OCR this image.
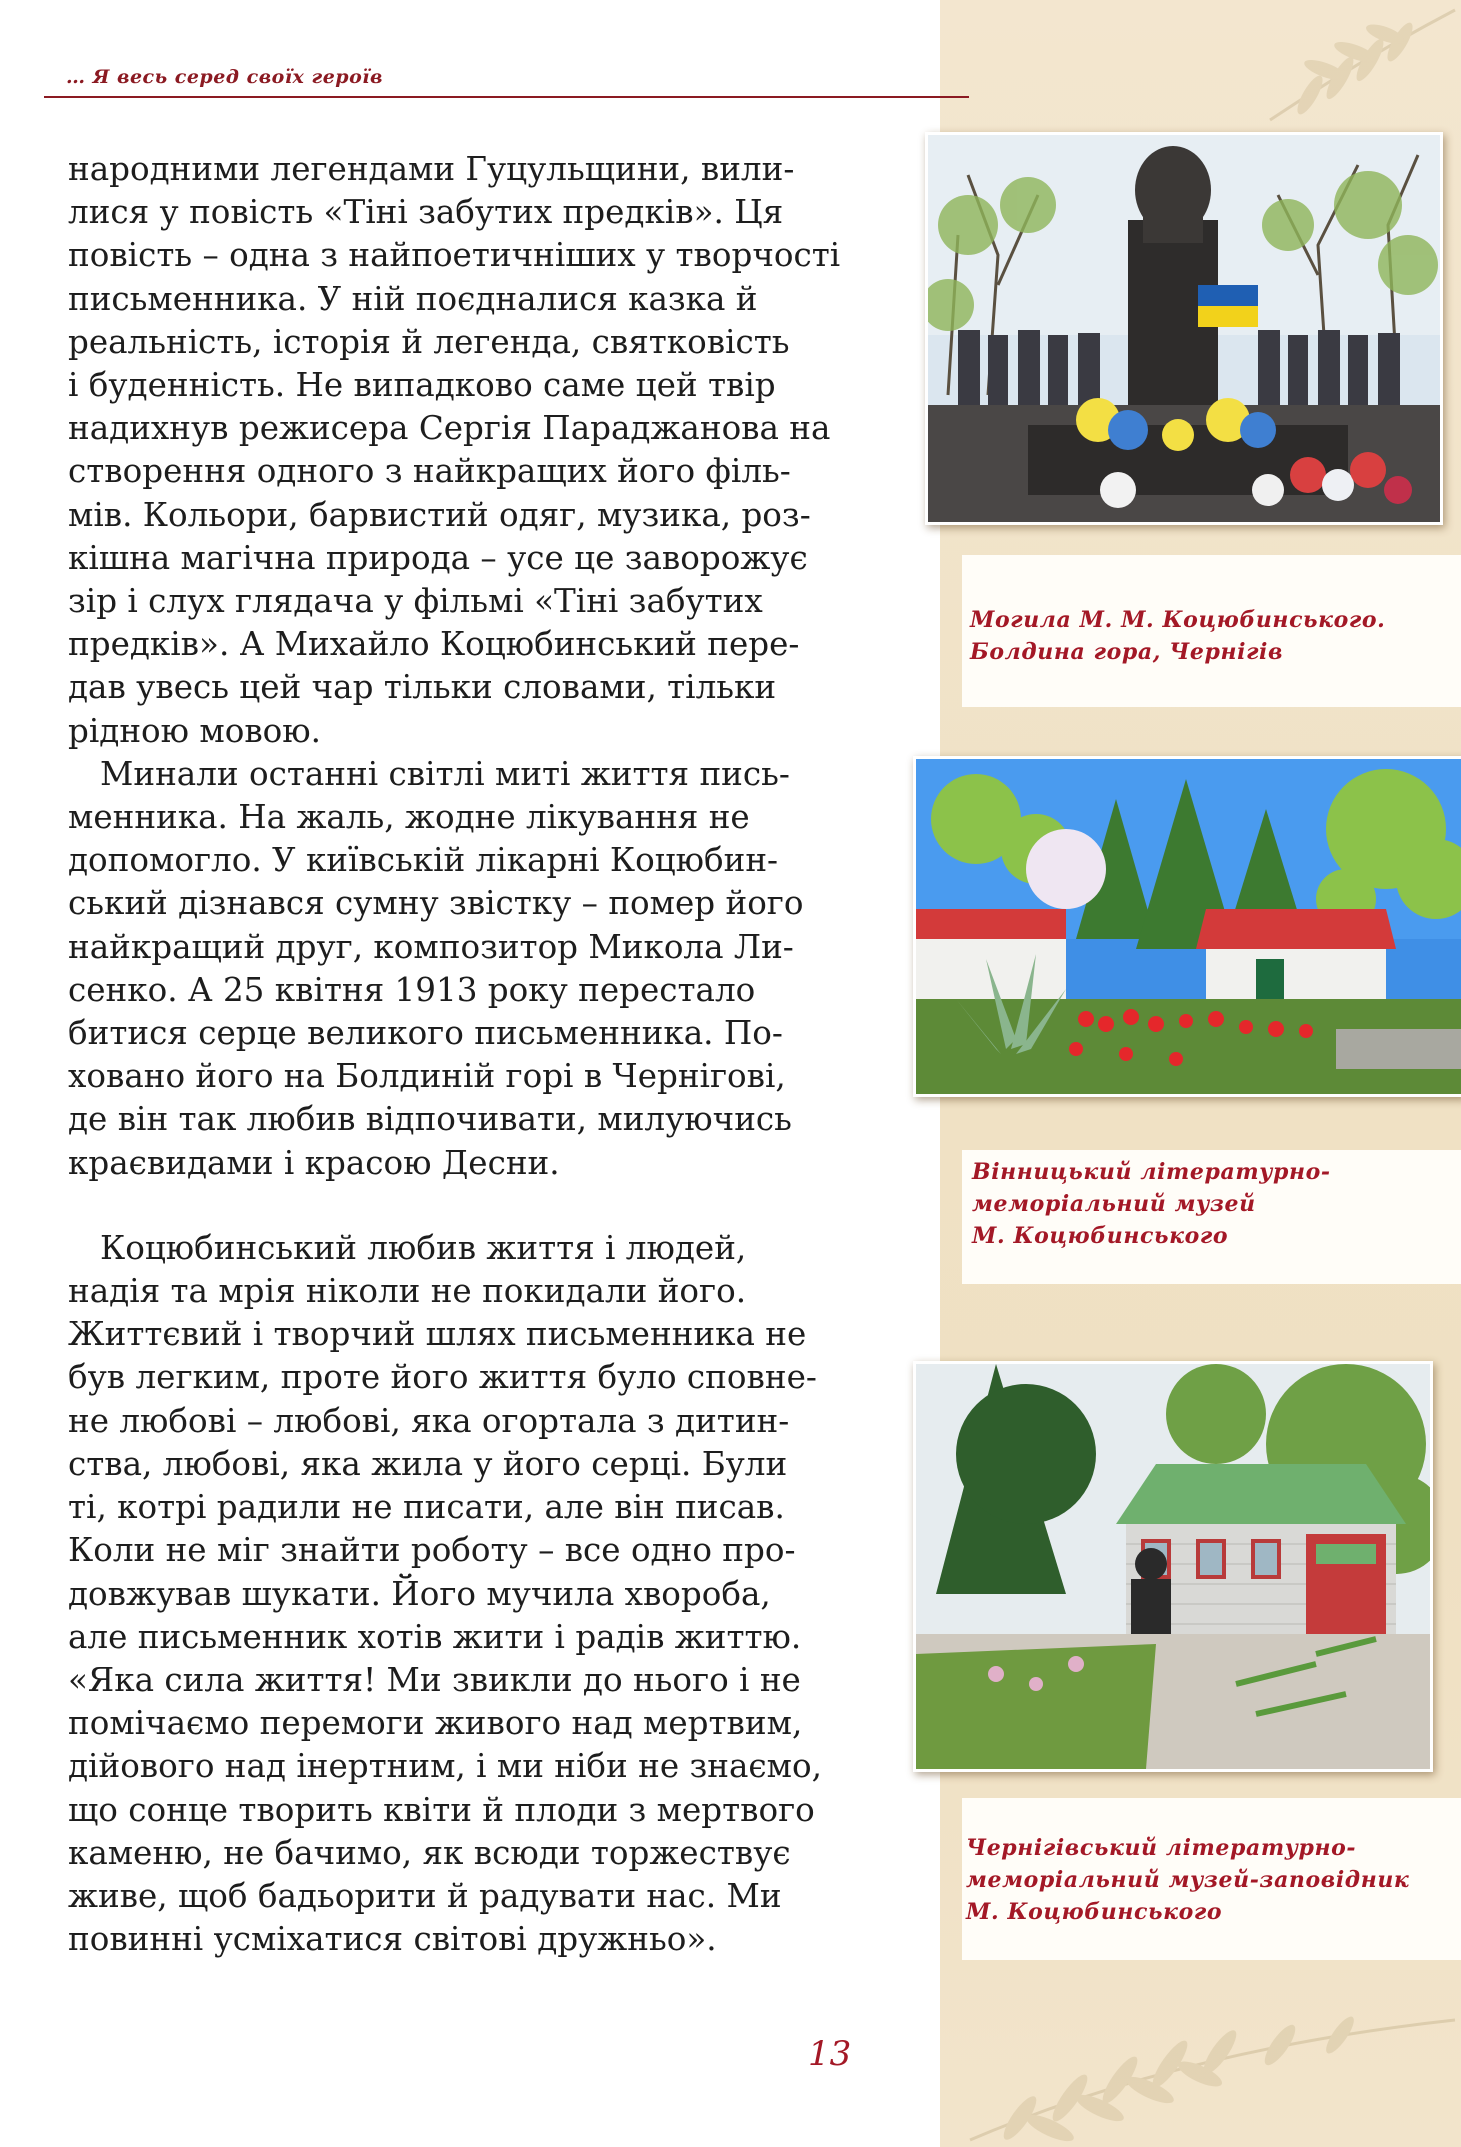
… Я весь серед своїх героїв

народними легендами Гуцульщини, вили-

лися у повість «Тіні забутих предків». Ця

повість – одна з найпоетичніших у творчості

письменника. У ній поєдналися казка й

реальність, історія й легенда, святковість

і буденність. Не випадково саме цей твір

надихнув режисера Сергія Параджанова на

створення одного з найкращих його філь-

мів. Кольори, барвистий одяг, музика, роз-

кішна магічна природа – усе це заворожує

зір і слух глядача у фільмі «Тіні забутих

предків». А Михайло Коцюбинський пере-

дав увесь цей чар тільки словами, тільки

рідною мовою.

Минали останні світлі миті життя пись-

менника. На жаль, жодне лікування не

допомогло. У київській лікарні Коцюбин-

ський дізнався сумну звістку – помер його

найкращий друг, композитор Микола Ли-

сенко. А 25 квітня 1913 року перестало

битися серце великого письменника. По-

ховано його на Болдиній горі в Чернігові,

де він так любив відпочивати, милуючись

краєвидами і красою Десни.

Коцюбинський любив життя і людей,

надія та мрія ніколи не покидали його.

Життєвий і творчий шлях письменника не

був легким, проте його життя було сповне-

не любові – любові, яка огортала з дитин-

ства, любові, яка жила у його серці. Були

ті, котрі радили не писати, але він писав.

Коли не міг знайти роботу – все одно про-

довжував шукати. Його мучила хвороба,

але письменник хотів жити і радів життю.

«Яка сила життя! Ми звикли до нього і не

помічаємо перемоги живого над мертвим,

дійового над інертним, і ми ніби не знаємо,

що сонце творить квіти й плоди з мертвого

каменю, не бачимо, як всюди торжествує

живе, щоб бадьорити й радувати нас. Ми

повинні усміхатися світові дружньо».

Могила М. М. Коцюбинського.
Болдина гора, Чернігів
Вінницький літературно-
меморіальний музей
М. Коцюбинського
Чернігівський літературно-
меморіальний музей-заповідник
М. Коцюбинського
13
